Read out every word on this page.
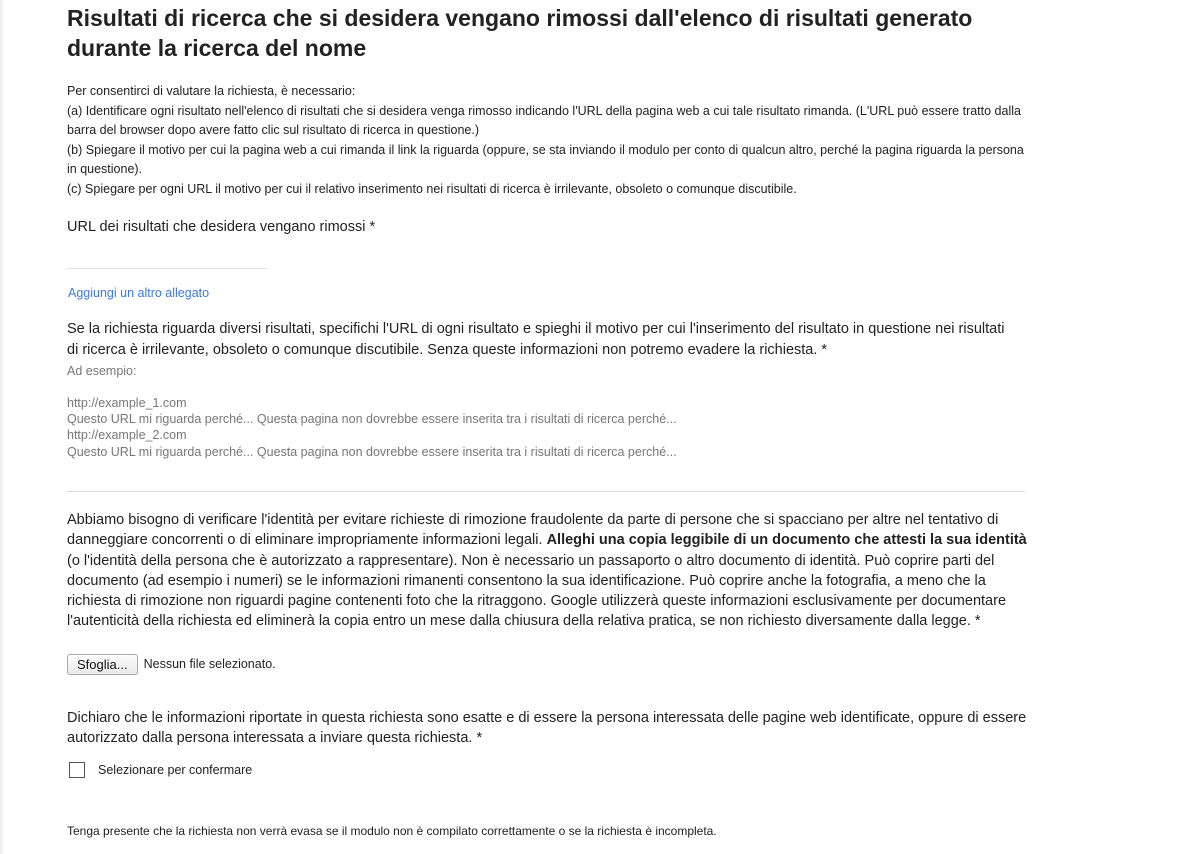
Risultati di ricerca che si desidera vengano rimossi dall'elenco di risultati generato durante la ricerca del nome
Per consentirci di valutare la richiesta, è necessario:
(a) Identificare ogni risultato nell'elenco di risultati che si desidera venga rimosso indicando l'URL della pagina web a cui tale risultato rimanda. (L'URL può essere tratto dalla barra del browser dopo avere fatto clic sul risultato di ricerca in questione.)
(b) Spiegare il motivo per cui la pagina web a cui rimanda il link la riguarda (oppure, se sta inviando il modulo per conto di qualcun altro, perché la pagina riguarda la persona in questione).
(c) Spiegare per ogni URL il motivo per cui il relativo inserimento nei risultati di ricerca è irrilevante, obsoleto o comunque discutibile.
URL dei risultati che desidera vengano rimossi *
Aggiungi un altro allegato
Se la richiesta riguarda diversi risultati, specifichi l'URL di ogni risultato e spieghi il motivo per cui l'inserimento del risultato in questione nei risultati di ricerca è irrilevante, obsoleto o comunque discutibile. Senza queste informazioni non potremo evadere la richiesta. *
Ad esempio:
http://example_1.com
Questo URL mi riguarda perché... Questa pagina non dovrebbe essere inserita tra i risultati di ricerca perché...
http://example_2.com
Questo URL mi riguarda perché... Questa pagina non dovrebbe essere inserita tra i risultati di ricerca perché...
Abbiamo bisogno di verificare l'identità per evitare richieste di rimozione fraudolente da parte di persone che si spacciano per altre nel tentativo di danneggiare concorrenti o di eliminare impropriamente informazioni legali. Alleghi una copia leggibile di un documento che attesti la sua identità (o l'identità della persona che è autorizzato a rappresentare). Non è necessario un passaporto o altro documento di identità. Può coprire parti del documento (ad esempio i numeri) se le informazioni rimanenti consentono la sua identificazione. Può coprire anche la fotografia, a meno che la richiesta di rimozione non riguardi pagine contenenti foto che la ritraggono. Google utilizzerà queste informazioni esclusivamente per documentare l'autenticità della richiesta ed eliminerà la copia entro un mese dalla chiusura della relativa pratica, se non richiesto diversamente dalla legge. *
Sfoglia...	Nessun file selezionato.
Dichiaro che le informazioni riportate in questa richiesta sono esatte e di essere la persona interessata delle pagine web identificate, oppure di essere autorizzato dalla persona interessata a inviare questa richiesta. *
Selezionare per confermare
Tenga presente che la richiesta non verrà evasa se il modulo non è compilato correttamente o se la richiesta è incompleta.
